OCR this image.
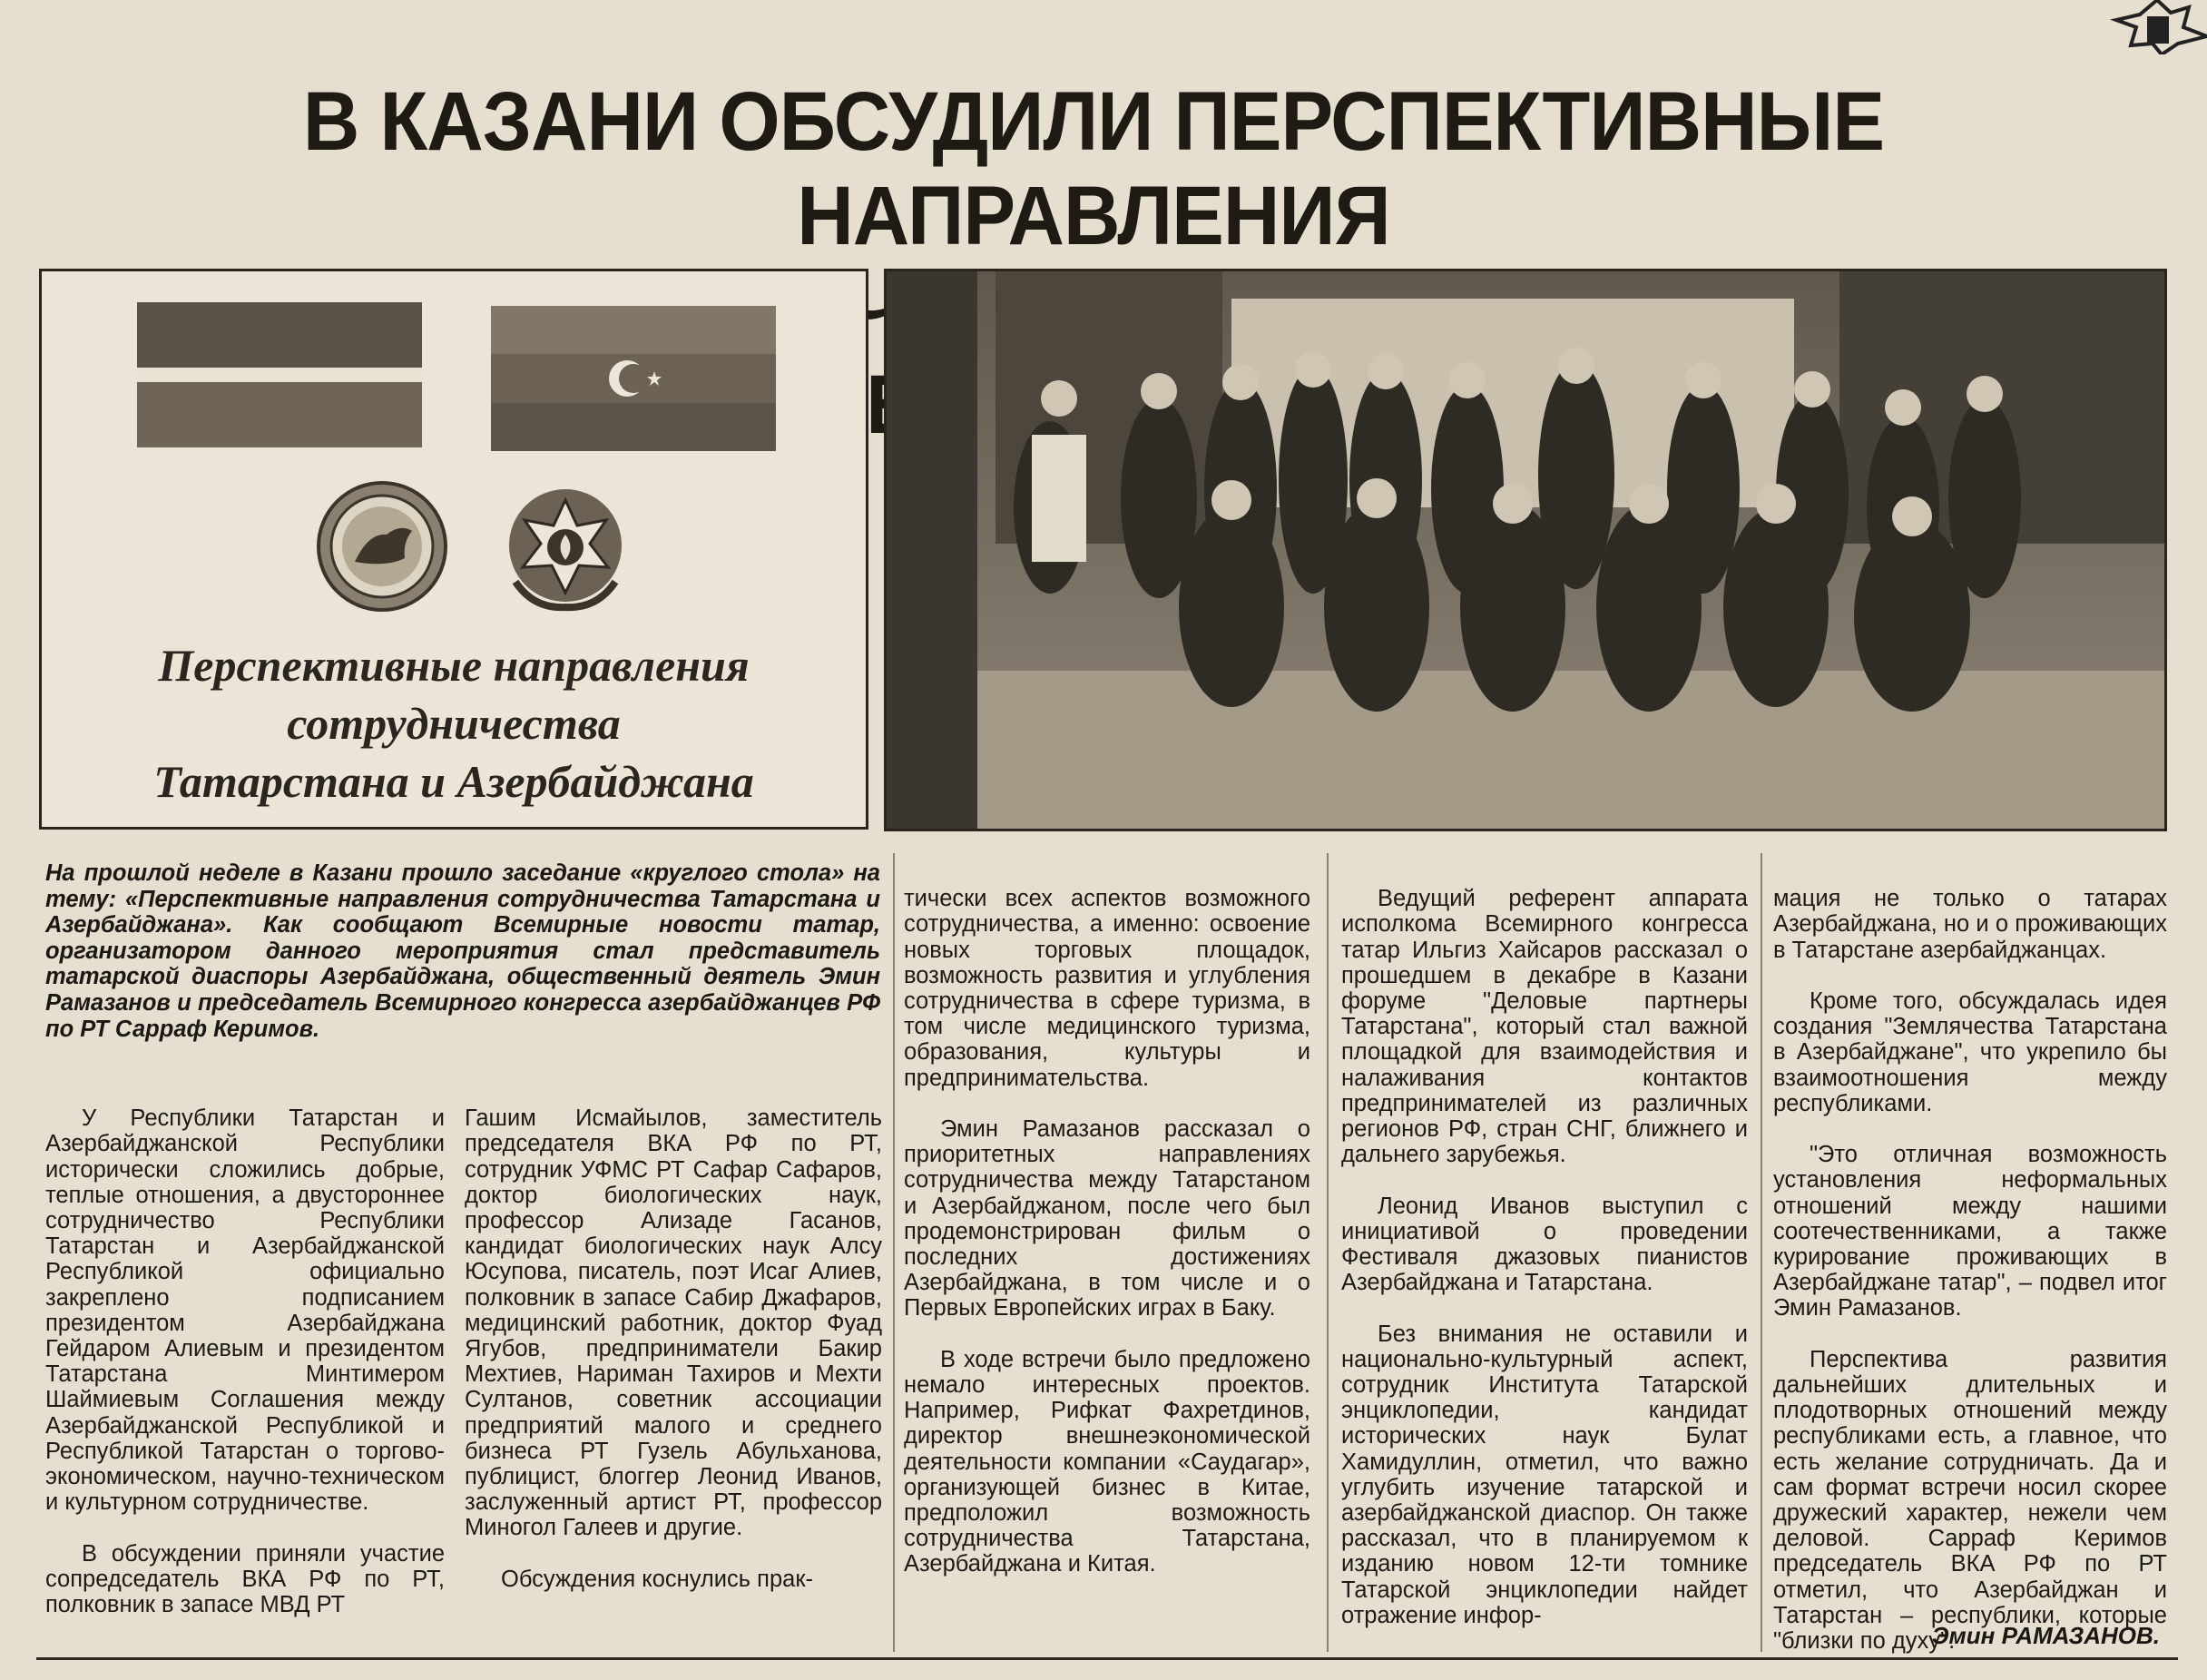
В КАЗАНИ ОБСУДИЛИ ПЕРСПЕКТИВНЫЕ НАПРАВЛЕНИЯ
Перспективные направления
сотрудничества
Татарстана и Азербайджана
На прошлой неделе в Казани прошло заседание «круглого стола» на тему: «Перспективные направления сотрудничества Татарстана и Азербайджана». Как сообщают Всемирные новости татар, организатором данного мероприятия стал представитель татарской диаспоры Азербайджана, общественный деятель Эмин Рамазанов и председатель Всемирного конгресса азербайджанцев РФ по РТ Сарраф Керимов.

У Республики Татарстан и Азербайджанской Республики исторически сложились добрые, теплые отношения, а двустороннее сотрудничество Республики Татарстан и Азербайджанской Республикой официально закреплено подписанием президентом Азербайджана Гейдаром Алиевым и президентом Татарстана Минтимером Шаймиевым Соглашения между Азербайджанской Республикой и Республикой Татарстан о торгово-экономическом, научно-техническом и культурном сотрудничестве.

В обсуждении приняли участие сопредседатель ВКА РФ по РТ, полковник в запасе МВД РТ

Гашим Исмайылов, заместитель председателя ВКА РФ по РТ, сотрудник УФМС РТ Сафар Сафаров, доктор биологических наук, профессор Ализаде Гасанов, кандидат биологических наук Алсу Юсупова, писатель, поэт Исаг Алиев, полковник в запасе Сабир Джафаров, медицинский работник, доктор Фуад Ягубов, предприниматели Бакир Мехтиев, Нариман Тахиров и Мехти Султанов, советник ассоциации предприятий малого и среднего бизнеса РТ Гузель Абульханова, публицист, блоггер Леонид Иванов, заслуженный артист РТ, профессор Миногол Галеев и другие.

Обсуждения коснулись прак-

тически всех аспектов возможного сотрудничества, а именно: освоение новых торговых площадок, возможность развития и углубления сотрудничества в сфере туризма, в том числе медицинского туризма, образования, культуры и предпринимательства.

Эмин Рамазанов рассказал о приоритетных направлениях сотрудничества между Татарстаном и Азербайджаном, после чего был продемонстрирован фильм о последних достижениях Азербайджана, в том числе и о Первых Европейских играх в Баку.

В ходе встречи было предложено немало интересных проектов. Например, Рифкат Фахретдинов, директор внешнеэкономической деятельности компании «Саудагар», организующей бизнес в Китае, предположил возможность сотрудничества Татарстана, Азербайджана и Китая.

Ведущий референт аппарата исполкома Всемирного конгресса татар Ильгиз Хайсаров рассказал о прошедшем в декабре в Казани форуме "Деловые партнеры Татарстана", который стал важной площадкой для взаимодействия и налаживания контактов предпринимателей из различных регионов РФ, стран СНГ, ближнего и дальнего зарубежья.

Леонид Иванов выступил с инициативой о проведении Фестиваля джазовых пианистов Азербайджана и Татарстана.

Без внимания не оставили и национально-культурный аспект, сотрудник Института Татарской энциклопедии, кандидат исторических наук Булат Хамидуллин, отметил, что важно углубить изучение татарской и азербайджанской диаспор. Он также рассказал, что в планируемом к изданию новом 12-ти томнике Татарской энциклопедии найдет отражение инфор-

мация не только о татарах Азербайджана, но и о проживающих в Татарстане азербайджанцах.

Кроме того, обсуждалась идея создания "Землячества Татарстана в Азербайджане", что укрепило бы взаимоотношения между республиками.

"Это отличная возможность установления неформальных отношений между нашими соотечественниками, а также курирование проживающих в Азербайджане татар", – подвел итог Эмин Рамазанов.

Перспектива развития дальнейших длительных и плодотворных отношений между республиками есть, а главное, что есть желание сотрудничать. Да и сам формат встречи носил скорее дружеский характер, нежели чем деловой. Сарраф Керимов председатель ВКА РФ по РТ отметил, что Азербайджан и Татарстан – республики, которые "близки по духу".

Эмин РАМАЗАНОВ.
